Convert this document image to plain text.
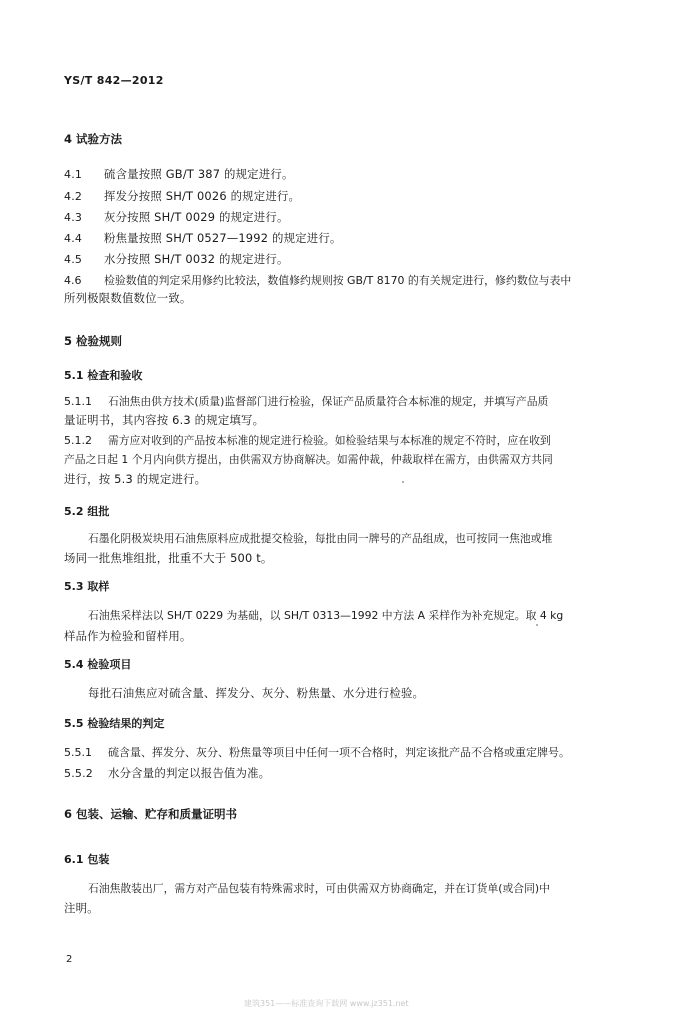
YS/T 842—2012
4 试验方法
4.1 硫含量按照 GB/T 387 的规定进行。
4.2 挥发分按照 SH/T 0026 的规定进行。
4.3 灰分按照 SH/T 0029 的规定进行。
4.4 粉焦量按照 SH/T 0527—1992 的规定进行。
4.5 水分按照 SH/T 0032 的规定进行。
4.6 检验数值的判定采用修约比较法，数值修约规则按 GB/T 8170 的有关规定进行，修约数位与表中
所列极限数值数位一致。
5 检验规则
5.1 检查和验收
5.1.1 石油焦由供方技术(质量)监督部门进行检验，保证产品质量符合本标准的规定，并填写产品质
量证明书，其内容按 6.3 的规定填写。
5.1.2 需方应对收到的产品按本标准的规定进行检验。如检验结果与本标准的规定不符时，应在收到
产品之日起 1 个月内向供方提出，由供需双方协商解决。如需仲裁，仲裁取样在需方，由供需双方共同
进行，按 5.3 的规定进行。
5.2 组批
石墨化阴极炭块用石油焦原料应成批提交检验，每批由同一牌号的产品组成，也可按同一焦池或堆
场同一批焦堆组批，批重不大于 500 t。
5.3 取样
石油焦采样法以 SH/T 0229 为基础，以 SH/T 0313—1992 中方法 A 采样作为补充规定。取 4 kg
样品作为检验和留样用。
5.4 检验项目
每批石油焦应对硫含量、挥发分、灰分、粉焦量、水分进行检验。
5.5 检验结果的判定
5.5.1 硫含量、挥发分、灰分、粉焦量等项目中任何一项不合格时，判定该批产品不合格或重定牌号。
5.5.2 水分含量的判定以报告值为准。
6 包装、运输、贮存和质量证明书
6.1 包装
石油焦散装出厂，需方对产品包装有特殊需求时，可由供需双方协商确定，并在订货单(或合同)中
注明。
2
建筑351——标准查询下载网 www.jz351.net
